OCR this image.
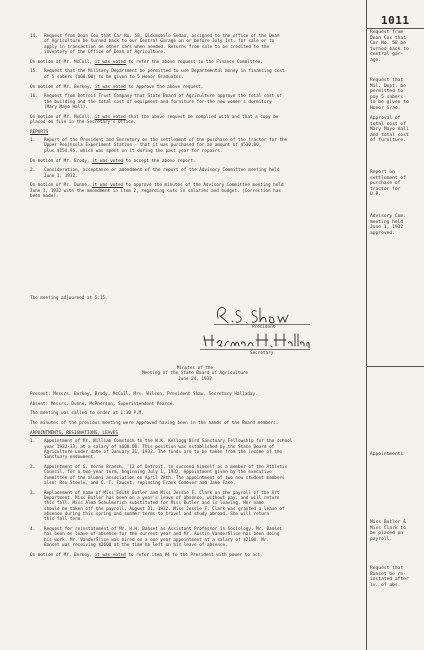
1011
Request from
Dean Cox that
Car No. 58 be
turned back to
central gar-
age.
Request that
Mil. Dept. be
permitted to
pay 5 sabers
to be given to
Honor Grad.
Approval of
total cost of
Mary Mayo Hall
and total cost
of furniture.
Report on
settlement of
purchase of
tractor for
U.P.
Advisory Com.
meeting held
June 1, 1932
approved.
Appointments
Miss Butler &
Miss Clark to
be placed on
payroll.
Request that
Banset be re-
instated after
lv. of abs.
14.	Request from Dean Cox that Car No. 58, Oldsmobile Sedan, assigned to the office of the Dean
of Agriculture be turned back to our Central Garage on or before July 1st, for sale or to
apply in transaction on other cars when needed. Returns from sale to be credited to the
inventory of the Office of Dean of Agriculture.
On motion of Mr. McColl, it was voted to refer the above request to the Finance Committee.
15.	Request that the Military Department be permitted to use Departmental money in financing cost
of 5 sabers ($60.00) to be given to 5 Honor Graduates.
On motion of Mr. Berkey, it was voted to approve the above request.
16.	Request from Detroit Trust Company that State Board of Agriculture approve the total cost of
the building and the total cost of equipment and furniture for the new women's dormitory
(Mary Mayo Hall).
On motion of Mr. McColl, it was voted that the above request be complied with and that a copy be
placed on file in the Secretary's Office.
REPORTS
1.	Report of the President and Secretary on the settlement of the purchase of the tractor for the
Upper Peninsula Experiment Station - that it was purchased for an amount of $530.00,
plus $154.95, which was spent on it during the past year for repairs.
On motion of Mr. Brody, it was voted to accept the above report.
2.	Consideration, acceptance or amendment of the report of the Advisory Committee meeting held
June 1, 1932.
On motion of Mr. Dunne, it was voted to approve the minutes of the Advisory Committee meeting held
June 1, 1932 with the amendment in item 2, regarding cuts in salaries and budget. (Correction has
been made).
The meeting adjourned at 5:15.
President
Secretary
Minutes of the
Meeting of the State Board of Agriculture
June 24, 1932
Present: Messrs. Berkey, Brody, McColl, Mrs. Wilson, President Shaw, Secretary Halladay.
Absent: Messrs. Dunne, McPherson, Superintendent Pearce.
The meeting was called to order at 1:30 P.M.
The minutes of the previous meeting were approved having been in the hands of the Board members.
APPOINTMENTS, RESIGNATIONS, LEAVES
1.	Appointment of Mr. William Comstock to the W.K. Kellogg Bird Sanctuary Fellowship for the school
year 1932-33, at a salary of $600.00. This position was established by the State Board of
Agriculture under date of January 21, 1932. The funds are to be taken from the income of the
Sanctuary endowment.
2.	Appointment of G. Verne Branch, '12 of Detroit, to succeed himself as a member of the Athletic
Council, for a two-year term, beginning July 1, 1932. Appointment given by the executive
committee of the alumni association on April 28th. The appointment of two new student members
also: Rex Steele, and C. T. Fawcet, replacing Frank Conover and Jake Fase.
3.	Replacement of name of Miss Edith Butler and Miss Jessie F. Clark on the payroll of the Art
Department. Miss Butler has been on a year's leave of absence, without pay, and will return
this fall. Miss Alma Schulmerich substituted for Miss Butler and is leaving. Her name
should be taken off the payroll, August 31, 1932. Miss Jessie F. Clark was granted a leave of
absence during this spring and summer terms to travel and study abroad. She will return
this fall term.
4.	Request for reinstatement of Mr. H.H. Banset as Assistant Professor in Sociology. Mr. Banset
has been on leave of absence for the current year and Mr. Austin VanderSlice has been doing
his work. Mr. VanderSlice was hired on a one year appointment at a salary of $2100. Mr.
Banset was receiving $2600 at the time he left on his leave of absence.
On motion of Mr. Berkey, it was voted to refer item #4 to the President with power to act.
